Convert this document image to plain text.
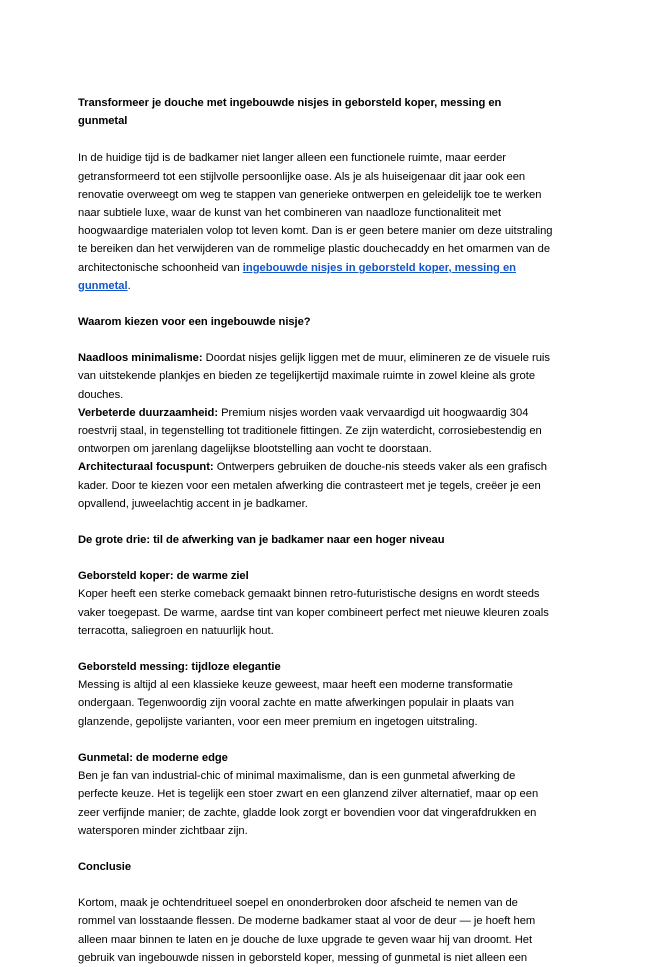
Transformeer je douche met ingebouwde nisjes in geborsteld koper, messing en gunmetal

In de huidige tijd is de badkamer niet langer alleen een functionele ruimte, maar eerder getransformeerd tot een stijlvolle persoonlijke oase. Als je als huiseigenaar dit jaar ook een renovatie overweegt om weg te stappen van generieke ontwerpen en geleidelijk toe te werken naar subtiele luxe, waar de kunst van het combineren van naadloze functionaliteit met hoogwaardige materialen volop tot leven komt. Dan is er geen betere manier om deze uitstraling te bereiken dan het verwijderen van de rommelige plastic douchecaddy en het omarmen van de architectonische schoonheid van ingebouwde nisjes in geborsteld koper, messing en gunmetal.

Waarom kiezen voor een ingebouwde nisje?

Naadloos minimalisme: Doordat nisjes gelijk liggen met de muur, elimineren ze de visuele ruis van uitstekende plankjes en bieden ze tegelijkertijd maximale ruimte in zowel kleine als grote douches.

Verbeterde duurzaamheid: Premium nisjes worden vaak vervaardigd uit hoogwaardig 304 roestvrij staal, in tegenstelling tot traditionele fittingen. Ze zijn waterdicht, corrosiebestendig en ontworpen om jarenlang dagelijkse blootstelling aan vocht te doorstaan.

Architecturaal focuspunt: Ontwerpers gebruiken de douche-nis steeds vaker als een grafisch kader. Door te kiezen voor een metalen afwerking die contrasteert met je tegels, creëer je een opvallend, juweelachtig accent in je badkamer.

De grote drie: til de afwerking van je badkamer naar een hoger niveau
Geborsteld koper: de warme ziel

Koper heeft een sterke comeback gemaakt binnen retro-futuristische designs en wordt steeds vaker toegepast. De warme, aardse tint van koper combineert perfect met nieuwe kleuren zoals terracotta, saliegroen en natuurlijk hout.

Geborsteld messing: tijdloze elegantie

Messing is altijd al een klassieke keuze geweest, maar heeft een moderne transformatie ondergaan. Tegenwoordig zijn vooral zachte en matte afwerkingen populair in plaats van glanzende, gepolijste varianten, voor een meer premium en ingetogen uitstraling.

Gunmetal: de moderne edge

Ben je fan van industrial-chic of minimal maximalisme, dan is een gunmetal afwerking de perfecte keuze. Het is tegelijk een stoer zwart en een glanzend zilver alternatief, maar op een zeer verfijnde manier; de zachte, gladde look zorgt er bovendien voor dat vingerafdrukken en watersporen minder zichtbaar zijn.

Conclusie

Kortom, maak je ochtendritueel soepel en ononderbroken door afscheid te nemen van de rommel van losstaande flessen. De moderne badkamer staat al voor de deur — je hoeft hem alleen maar binnen te laten en je douche de luxe upgrade te geven waar hij van droomt. Het gebruik van ingebouwde nissen in geborsteld koper, messing of gunmetal is niet alleen een
